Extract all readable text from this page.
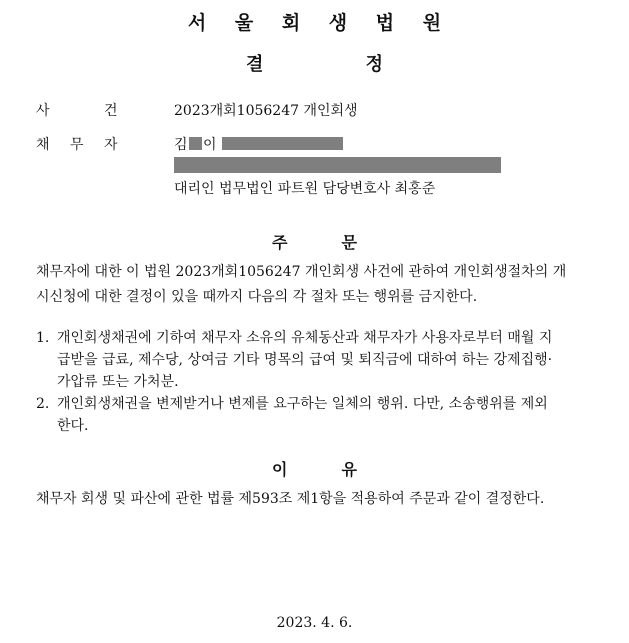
서 울 회 생 법 원
결 정
사	건	2023개회1056247 개인회생
채 무 자	김 이
대리인 법무법인 파트원 담당변호사 최홍준
주	문
채무자에 대한 이 법원 2023개회1056247 개인회생 사건에 관하여 개인회생절차의 개
시신청에 대한 결정이 있을 때까지 다음의 각 절차 또는 행위를 금지한다.
1. 개인회생채권에 기하여 채무자 소유의 유체동산과 채무자가 사용자로부터 매월 지
급받을 급료, 제수당, 상여금 기타 명목의 급여 및 퇴직금에 대하여 하는 강제집행·
가압류 또는 가처분.
2. 개인회생채권을 변제받거나 변제를 요구하는 일체의 행위. 다만, 소송행위를 제외
한다.
이	유
채무자 회생 및 파산에 관한 법률 제593조 제1항을 적용하여 주문과 같이 결정한다.
2023. 4. 6.
